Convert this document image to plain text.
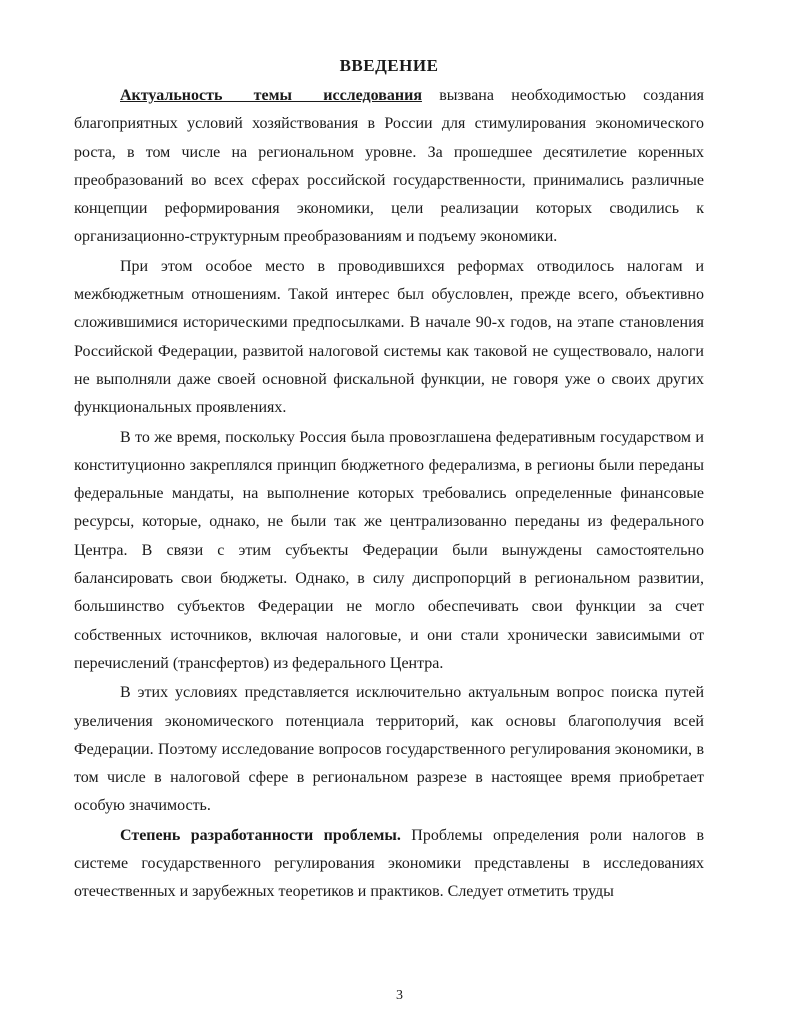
ВВЕДЕНИЕ

Актуальность темы исследования вызвана необходимостью создания благоприятных условий хозяйствования в России для стимулирования экономического роста, в том числе на региональном уровне. За прошедшее десятилетие коренных преобразований во всех сферах российской государственности, принимались различные концепции реформирования экономики, цели реализации которых сводились к организационно-структурным преобразованиям и подъему экономики.

При этом особое место в проводившихся реформах отводилось налогам и межбюджетным отношениям. Такой интерес был обусловлен, прежде всего, объективно сложившимися историческими предпосылками. В начале 90-х годов, на этапе становления Российской Федерации, развитой налоговой системы как таковой не существовало, налоги не выполняли даже своей основной фискальной функции, не говоря уже о своих других функциональных проявлениях.

В то же время, поскольку Россия была провозглашена федеративным государством и конституционно закреплялся принцип бюджетного федерализма, в регионы были переданы федеральные мандаты, на выполнение которых требовались определенные финансовые ресурсы, которые, однако, не были так же централизованно переданы из федерального Центра. В связи с этим субъекты Федерации были вынуждены самостоятельно балансировать свои бюджеты. Однако, в силу диспропорций в региональном развитии, большинство субъектов Федерации не могло обеспечивать свои функции за счет собственных источников, включая налоговые, и они стали хронически зависимыми от перечислений (трансфертов) из федерального Центра.

В этих условиях представляется исключительно актуальным вопрос поиска путей увеличения экономического потенциала территорий, как основы благополучия всей Федерации. Поэтому исследование вопросов государственного регулирования экономики, в том числе в налоговой сфере в региональном разрезе в настоящее время приобретает особую значимость.

Степень разработанности проблемы. Проблемы определения роли налогов в системе государственного регулирования экономики представлены в исследованиях отечественных и зарубежных теоретиков и практиков. Следует отметить труды

3
